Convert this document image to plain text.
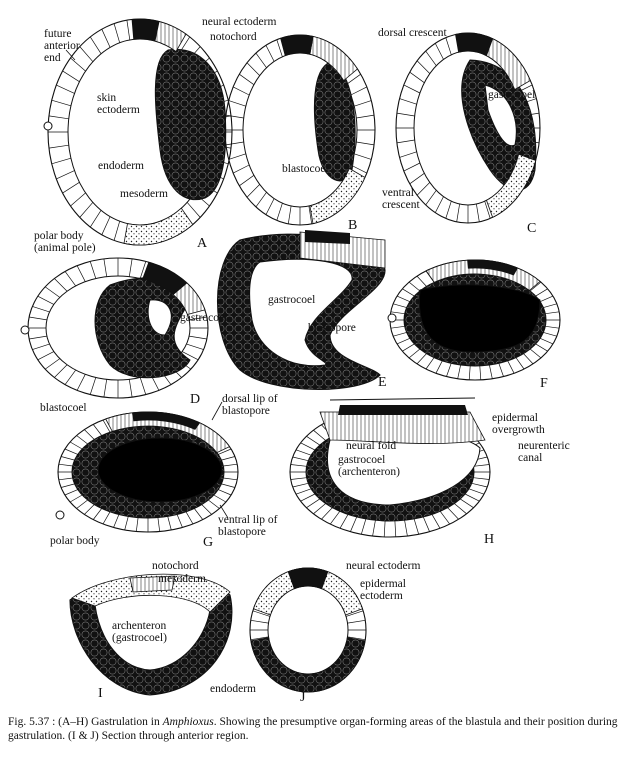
neural ectoderm
notochord
future anterior end
skin ectoderm
endoderm
mesoderm
polar body (animal pole)	A
dorsal crescent
blastocoel
ventral crescent
B
gastrocoel
C
gastrocoel
blastocoel
D
gastrocoel
blastopore
E	F
dorsal lip of blastopore
ventral lip of blastopore
polar body	G
epidermal overgrowth
neural fold	neurenteric canal
gastrocoel (archenteron)
H
notochord
mesoderm
archenteron (gastrocoel)
endoderm
I
neural ectoderm
epidermal ectoderm
J
Fig. 5.37 : (A–H) Gastrulation in Amphioxus. Showing the presumptive organ-forming areas of the blastula and their position during gastrulation. (I & J) Section through anterior region.
